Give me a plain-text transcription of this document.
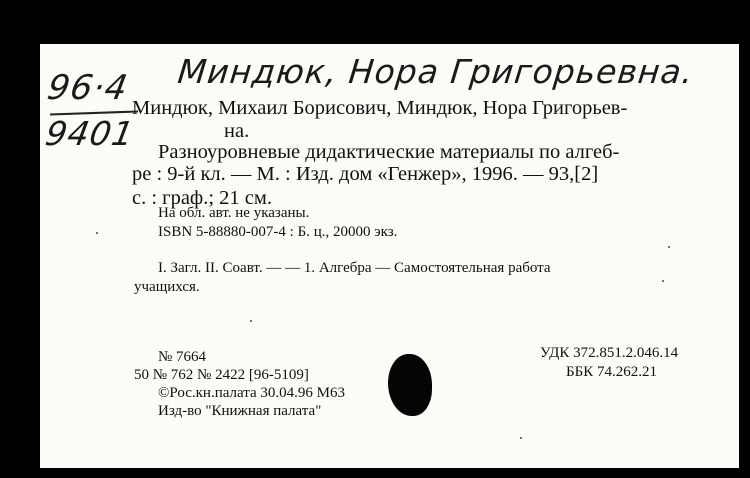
Миндюк, Нора Григорьевна.
96·4
9401
Миндюк, Михаил Борисович, Миндюк, Нора Григорьев-
на.
Разноуровневые дидактические материалы по алгеб-
ре : 9-й кл. — М. : Изд. дом «Генжер», 1996. — 93,[2]
с. : граф.; 21 см.
На обл. авт. не указаны.
ISBN 5-88880-007-4 : Б. ц., 20000 экз.
I. Загл. II. Соавт. — — 1. Алгебра — Самостоятельная работа
учащихся.
№ 7664
50 № 762 № 2422 [96-5109]
©Рос.кн.палата 30.04.96 М63
Изд-во "Книжная палата"
УДК 372.851.2.046.14
ББК 74.262.21
